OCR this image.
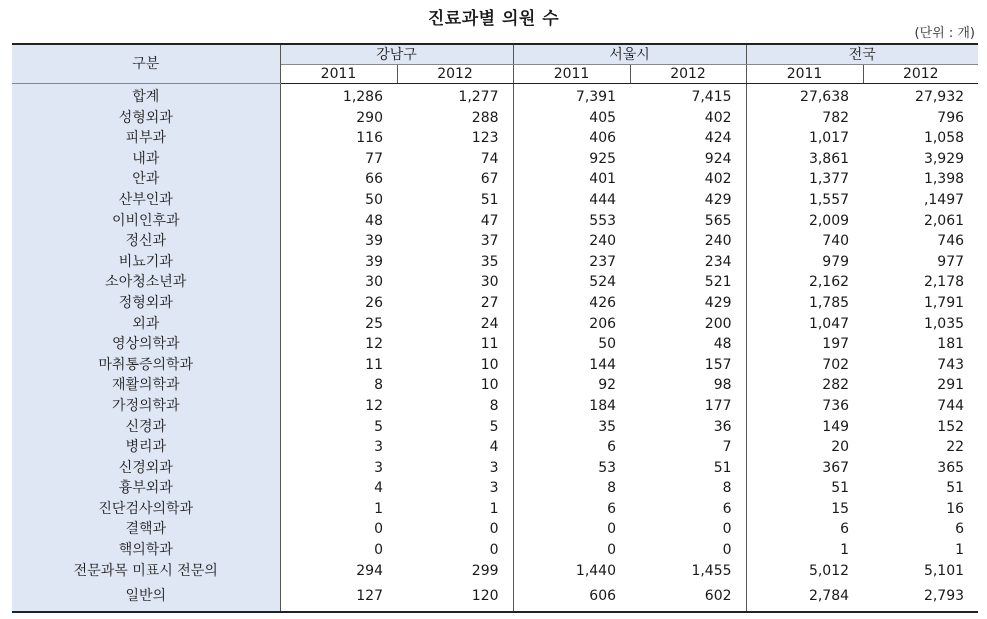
진료과별 의원 수
(단위 : 개)
구분	강남구		서울시		전국	
	2011	2012	2011	2012	2011	2012
합계	1,286	1,277	7,391	7,415	27,638	27,932
성형외과	290	288	405	402	782	796
피부과	116	123	406	424	1,017	1,058
내과	77	74	925	924	3,861	3,929
안과	66	67	401	402	1,377	1,398
산부인과	50	51	444	429	1,557	,1497
이비인후과	48	47	553	565	2,009	2,061
정신과	39	37	240	240	740	746
비뇨기과	39	35	237	234	979	977
소아청소년과	30	30	524	521	2,162	2,178
정형외과	26	27	426	429	1,785	1,791
외과	25	24	206	200	1,047	1,035
영상의학과	12	11	50	48	197	181
마취통증의학과	11	10	144	157	702	743
재활의학과	8	10	92	98	282	291
가정의학과	12	8	184	177	736	744
신경과	5	5	35	36	149	152
병리과	3	4	6	7	20	22
신경외과	3	3	53	51	367	365
흉부외과	4	3	8	8	51	51
진단검사의학과	1	1	6	6	15	16
결핵과	0	0	0	0	6	6
핵의학과	0	0	0	0	1	1
전문과목 미표시 전문의	294	299	1,440	1,455	5,012	5,101
일반의	127	120	606	602	2,784	2,793
